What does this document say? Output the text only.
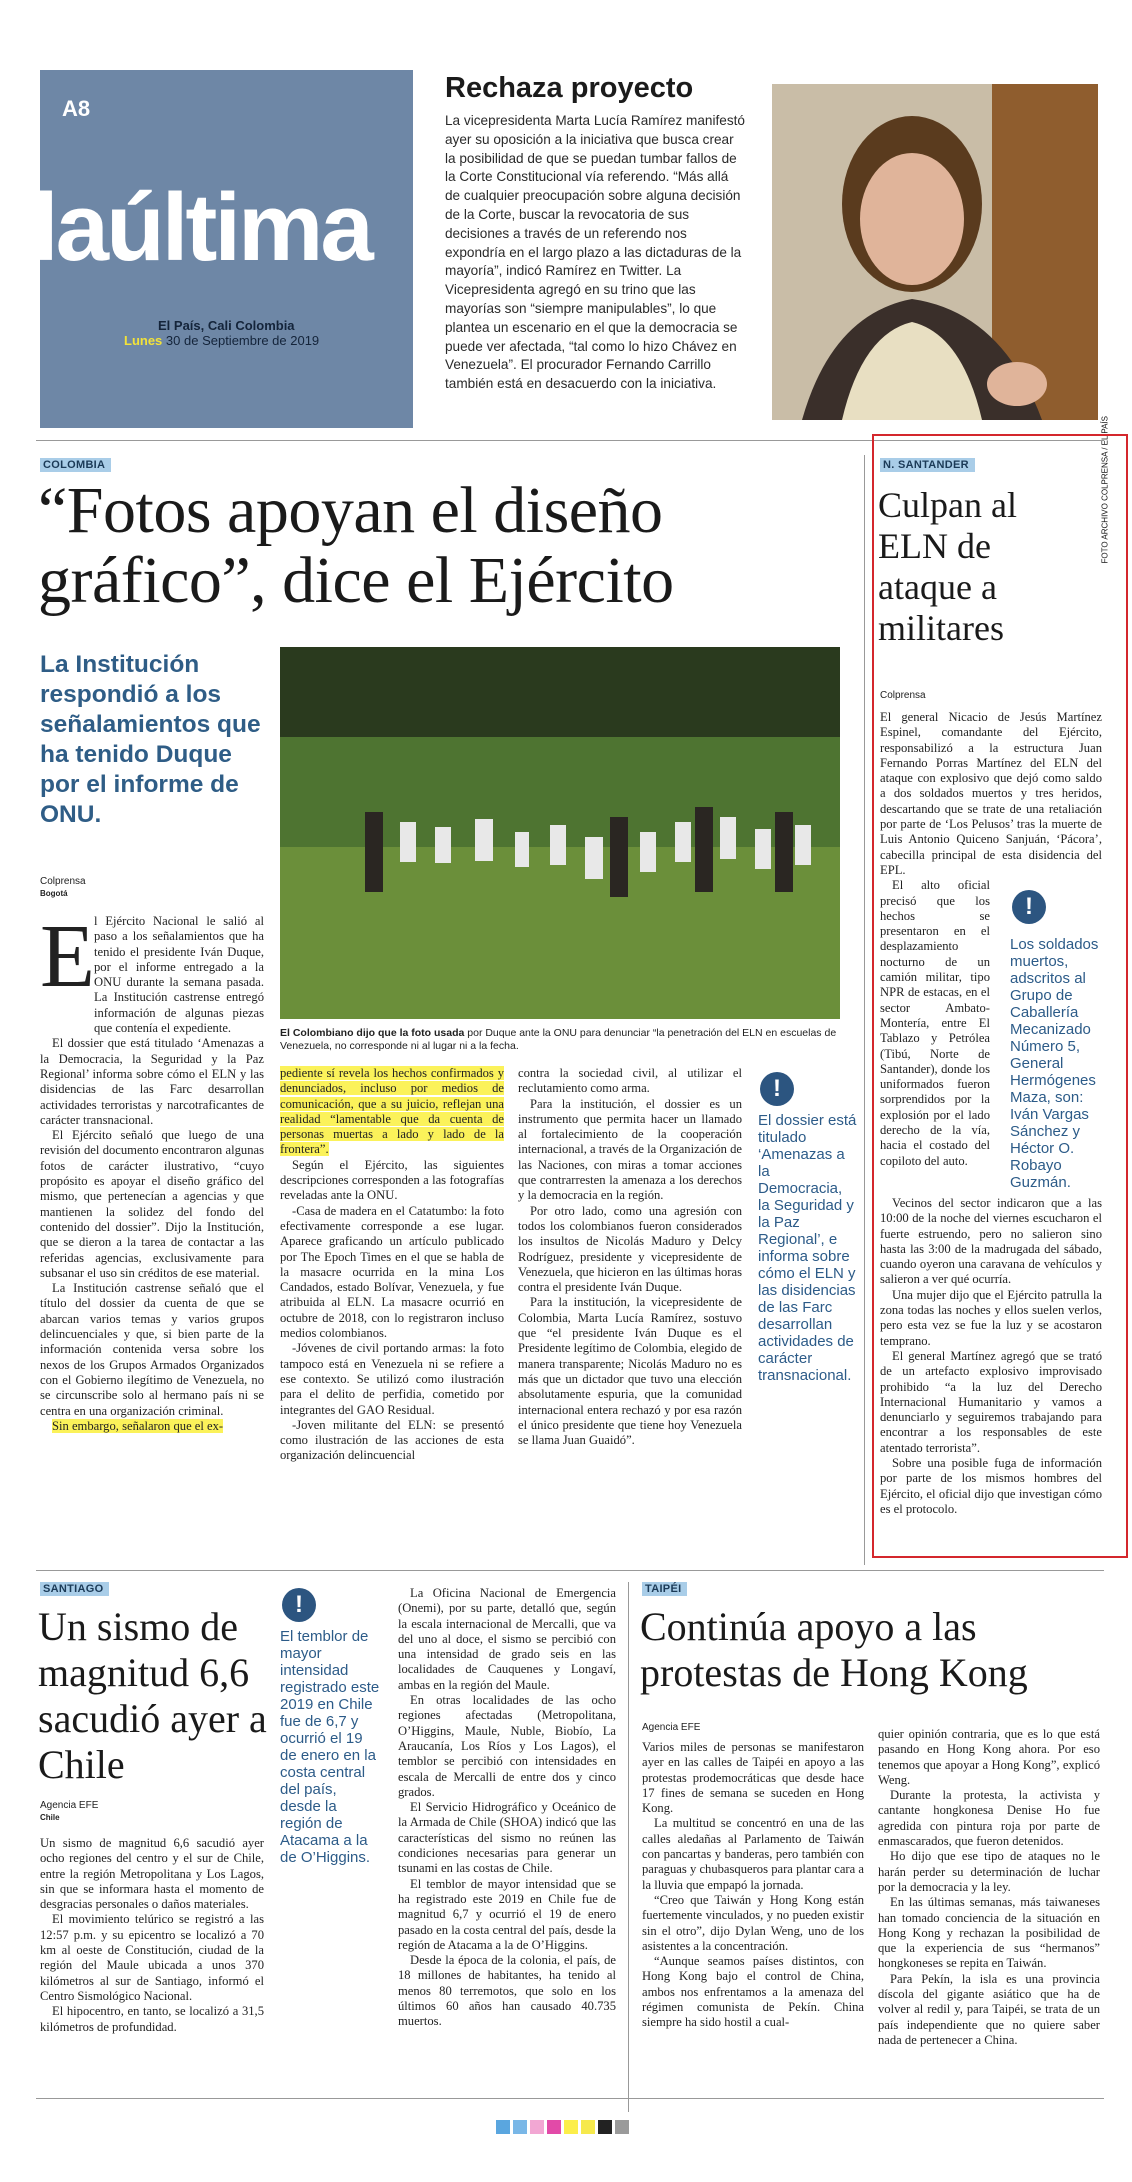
A8
laúltima
El País, Cali Colombia
Lunes 30 de Septiembre de 2019
Rechaza proyecto

La vicepresidenta Marta Lucía Ramírez manifestó ayer su oposición a la iniciativa que busca crear la posibilidad de que se puedan tumbar fallos de la Corte Constitucional vía referendo. “Más allá de cualquier preocupación sobre alguna decisión de la Corte, buscar la revocatoria de sus decisiones a través de un referendo nos expondría en el largo plazo a las dictaduras de la mayoría”, indicó Ramírez en Twitter. La Vicepresidenta agregó en su trino que las mayorías son “siempre manipulables”, lo que plantea un escenario en el que la democracia se puede ver afectada, “tal como lo hizo Chávez en Venezuela”. El procurador Fernando Carrillo también está en desacuerdo con la iniciativa.

FOTO ARCHIVO COLPRENSA / EL PAÍS
COLOMBIA
“Fotos apoyan el diseño
gráfico”, dice el Ejército
La Institución respondió a los señalamientos que ha tenido Duque por el informe de ONU.
Colprensa
Bogotá	FOTO ESPECIAL PARA EL PAÍS
El Colombiano dijo que la foto usada por Duque ante la ONU para denunciar “la penetración del ELN en escuelas de Venezuela, no corresponde ni al lugar ni a la fecha.
E l Ejército Nacional le salió al paso a los señalamientos que ha tenido el presidente Iván Duque, por el informe entregado a la ONU durante la semana pasada. La Institución castrense entregó información de algunas piezas que contenía el expediente.

El dossier que está titulado ‘Amenazas a la Democracia, la Seguridad y la Paz Regional’ informa sobre cómo el ELN y las disidencias de las Farc desarrollan actividades terroristas y narcotraficantes de carácter transnacional.

El Ejército señaló que luego de una revisión del documento encontraron algunas fotos de carácter ilustrativo, “cuyo propósito es apoyar el diseño gráfico del mismo, que pertenecían a agencias y que mantienen la solidez del fondo del contenido del dossier”. Dijo la Institución, que se dieron a la tarea de contactar a las referidas agencias, exclusivamente para subsanar el uso sin créditos de ese material.

La Institución castrense señaló que el título del dossier da cuenta de que se abarcan varios temas y varios grupos delincuenciales y que, si bien parte de la información contenida versa sobre los nexos de los Grupos Armados Organizados con el Gobierno ilegítimo de Venezuela, no se circunscribe solo al hermano país ni se centra en una organización criminal.

Sin embargo, señalaron que el ex-

pediente sí revela los hechos confirmados y denunciados, incluso por medios de comunicación, que a su juicio, reflejan una realidad “lamentable que da cuenta de personas muertas a lado y lado de la frontera”.

Según el Ejército, las siguientes descripciones corresponden a las fotografías reveladas ante la ONU.

-Casa de madera en el Catatumbo: la foto efectivamente corresponde a ese lugar. Aparece graficando un artículo publicado por The Epoch Times en el que se habla de la masacre ocurrida en la mina Los Candados, estado Bolívar, Venezuela, y fue atribuida al ELN. La masacre ocurrió en octubre de 2018, con lo registraron incluso medios colombianos.

-Jóvenes de civil portando armas: la foto tampoco está en Venezuela ni se refiere a ese contexto. Se utilizó como ilustración para el delito de perfidia, cometido por integrantes del GAO Residual.

-Joven militante del ELN: se presentó como ilustración de las acciones de esta organización delincuencial

contra la sociedad civil, al utilizar el reclutamiento como arma.

Para la institución, el dossier es un instrumento que permita hacer un llamado al fortalecimiento de la cooperación internacional, a través de la Organización de las Naciones, con miras a tomar acciones que contrarresten la amenaza a los derechos y la democracia en la región.

Por otro lado, como una agresión con todos los colombianos fueron considerados los insultos de Nicolás Maduro y Delcy Rodríguez, presidente y vicepresidente de Venezuela, que hicieron en las últimas horas contra el presidente Iván Duque.

Para la institución, la vicepresidente de Colombia, Marta Lucía Ramírez, sostuvo que “el presidente Iván Duque es el Presidente legítimo de Colombia, elegido de manera transparente; Nicolás Maduro no es más que un dictador que tuvo una elección absolutamente espuria, que la comunidad internacional entera rechazó y por esa razón el único presidente que tiene hoy Venezuela se llama Juan Guaidó”.

!
El dossier está titulado ‘Amenazas a la Democracia, la Seguridad y la Paz Regional’, e informa sobre cómo el ELN y las disidencias de las Farc desarrollan actividades de carácter transnacional.
N. SANTANDER
Culpan al ELN de ataque a militares
Colprensa

El general Nicacio de Jesús Martínez Espinel, comandante del Ejército, responsabilizó a la estructura Juan Fernando Porras Martínez del ELN del ataque con explosivo que dejó como saldo a dos soldados muertos y tres heridos, descartando que se trate de una retaliación por parte de ‘Los Pelusos’ tras la muerte de Luis Antonio Quiceno Sanjuán, ‘Pácora’, cabecilla principal de esta disidencia del EPL.

El alto oficial precisó que los hechos se presentaron en el desplazamiento nocturno de un camión militar, tipo NPR de estacas, en el sector Ambato-Montería, entre El Tablazo y Petrólea (Tibú, Norte de Santander), donde los uniformados fueron sorprendidos por la explosión por el lado derecho de la vía, hacia el costado del copiloto del auto.

Vecinos del sector indicaron que a las 10:00 de la noche del viernes escucharon el fuerte estruendo, pero no salieron sino hasta las 3:00 de la madrugada del sábado, cuando oyeron una caravana de vehículos y salieron a ver qué ocurría.

Una mujer dijo que el Ejército patrulla la zona todas las noches y ellos suelen verlos, pero esta vez se fue la luz y se acostaron temprano.

El general Martínez agregó que se trató de un artefacto explosivo improvisado prohibido “a la luz del Derecho Internacional Humanitario y vamos a denunciarlo y seguiremos trabajando para encontrar a los responsables de este atentado terrorista”.

Sobre una posible fuga de información por parte de los mismos hombres del Ejército, el oficial dijo que investigan cómo es el protocolo.

!
Los soldados muertos, adscritos al Grupo de Caballería Mecanizado Número 5, General Hermógenes Maza, son: Iván Vargas Sánchez y Héctor O. Robayo Guzmán.
SANTIAGO
Un sismo de magnitud 6,6 sacudió ayer a Chile
Agencia EFE
Chile

Un sismo de magnitud 6,6 sacudió ayer ocho regiones del centro y el sur de Chile, entre la región Metropolitana y Los Lagos, sin que se informara hasta el momento de desgracias personales o daños materiales.

El movimiento telúrico se registró a las 12:57 p.m. y su epicentro se localizó a 70 km al oeste de Constitución, ciudad de la región del Maule ubicada a unos 370 kilómetros al sur de Santiago, informó el Centro Sismológico Nacional.

El hipocentro, en tanto, se localizó a 31,5 kilómetros de profundidad.

!
El temblor de mayor intensidad registrado este 2019 en Chile fue de 6,7 y ocurrió el 19 de enero en la costa central del país, desde la región de Atacama a la de O’Higgins.

La Oficina Nacional de Emergencia (Onemi), por su parte, detalló que, según la escala internacional de Mercalli, que va del uno al doce, el sismo se percibió con una intensidad de grado seis en las localidades de Cauquenes y Longaví, ambas en la región del Maule.

En otras localidades de las ocho regiones afectadas (Metropolitana, O’Higgins, Maule, Nuble, Biobío, La Araucanía, Los Ríos y Los Lagos), el temblor se percibió con intensidades en escala de Mercalli de entre dos y cinco grados.

El Servicio Hidrográfico y Oceánico de la Armada de Chile (SHOA) indicó que las características del sismo no reúnen las condiciones necesarias para generar un tsunami en las costas de Chile.

El temblor de mayor intensidad que se ha registrado este 2019 en Chile fue de magnitud 6,7 y ocurrió el 19 de enero pasado en la costa central del país, desde la región de Atacama a la de O’Higgins.

Desde la época de la colonia, el país, de 18 millones de habitantes, ha tenido al menos 80 terremotos, que solo en los últimos 60 años han causado 40.735 muertos.

TAIPÉI
Continúa apoyo a las protestas de Hong Kong
Agencia EFE

Varios miles de personas se manifestaron ayer en las calles de Taipéi en apoyo a las protestas prodemocráticas que desde hace 17 fines de semana se suceden en Hong Kong.

La multitud se concentró en una de las calles aledañas al Parlamento de Taiwán con pancartas y banderas, pero también con paraguas y chubasqueros para plantar cara a la lluvia que empapó la jornada.

“Creo que Taiwán y Hong Kong están fuertemente vinculados, y no pueden existir sin el otro”, dijo Dylan Weng, uno de los asistentes a la concentración.

“Aunque seamos países distintos, con Hong Kong bajo el control de China, ambos nos enfrentamos a la amenaza del régimen comunista de Pekín. China siempre ha sido hostil a cual-

quier opinión contraria, que es lo que está pasando en Hong Kong ahora. Por eso tenemos que apoyar a Hong Kong”, explicó Weng.

Durante la protesta, la activista y cantante hongkonesa Denise Ho fue agredida con pintura roja por parte de enmascarados, que fueron detenidos.

Ho dijo que ese tipo de ataques no le harán perder su determinación de luchar por la democracia y la ley.

En las últimas semanas, más taiwaneses han tomado conciencia de la situación en Hong Kong y rechazan la posibilidad de que la experiencia de sus “hermanos” hongkoneses se repita en Taiwán.

Para Pekín, la isla es una provincia díscola del gigante asiático que ha de volver al redil y, para Taipéi, se trata de un país independiente que no quiere saber nada de pertenecer a China.
